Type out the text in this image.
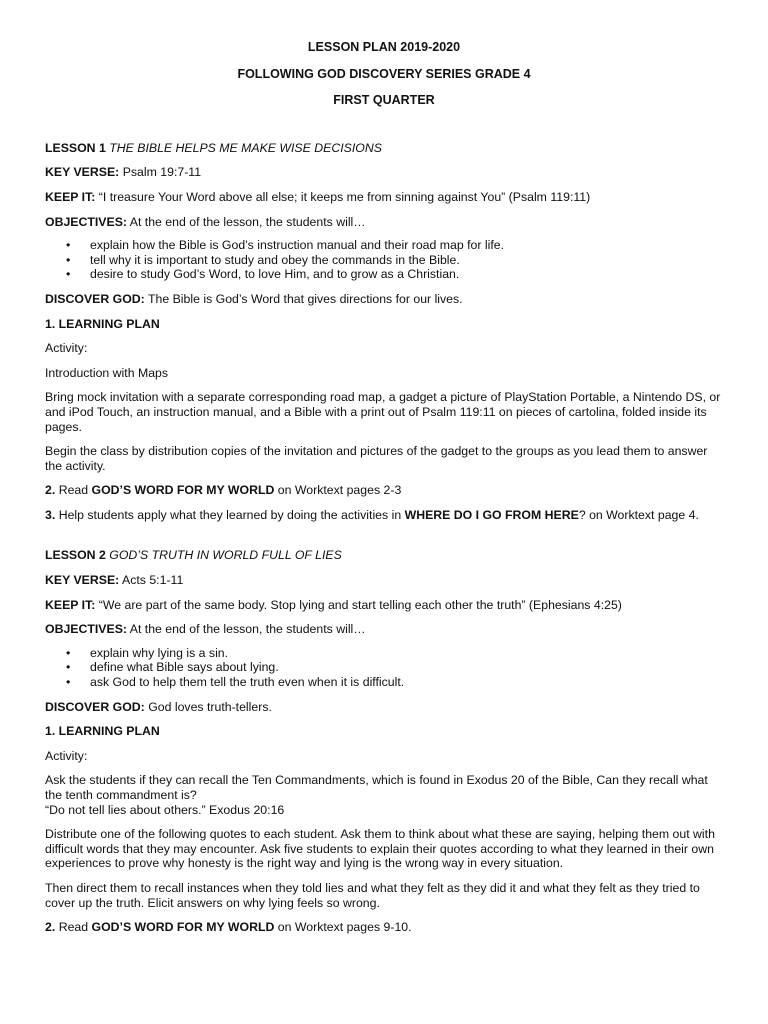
LESSON PLAN 2019-2020
FOLLOWING GOD DISCOVERY SERIES GRADE 4
FIRST QUARTER

LESSON 1 THE BIBLE HELPS ME MAKE WISE DECISIONS

KEY VERSE: Psalm 19:7-11

KEEP IT: “I treasure Your Word above all else; it keeps me from sinning against You” (Psalm 119:11)

OBJECTIVES: At the end of the lesson, the students will…

• explain how the Bible is God’s instruction manual and their road map for life.
• tell why it is important to study and obey the commands in the Bible.
• desire to study God’s Word, to love Him, and to grow as a Christian.

DISCOVER GOD: The Bible is God’s Word that gives directions for our lives.

1. LEARNING PLAN

Activity:

Introduction with Maps

Bring mock invitation with a separate corresponding road map, a gadget a picture of PlayStation Portable, a Nintendo DS, or and iPod Touch, an instruction manual, and a Bible with a print out of Psalm 119:11 on pieces of cartolina, folded inside its pages.

Begin the class by distribution copies of the invitation and pictures of the gadget to the groups as you lead them to answer the activity.

2. Read GOD’S WORD FOR MY WORLD on Worktext pages 2-3

3. Help students apply what they learned by doing the activities in WHERE DO I GO FROM HERE? on Worktext page 4.

LESSON 2 GOD’S TRUTH IN WORLD FULL OF LIES

KEY VERSE: Acts 5:1-11

KEEP IT: “We are part of the same body. Stop lying and start telling each other the truth” (Ephesians 4:25)

OBJECTIVES: At the end of the lesson, the students will…

• explain why lying is a sin.
• define what Bible says about lying.
• ask God to help them tell the truth even when it is difficult.

DISCOVER GOD: God loves truth-tellers.

1. LEARNING PLAN

Activity:

Ask the students if they can recall the Ten Commandments, which is found in Exodus 20 of the Bible, Can they recall what the tenth commandment is?
“Do not tell lies about others.” Exodus 20:16

Distribute one of the following quotes to each student. Ask them to think about what these are saying, helping them out with difficult words that they may encounter. Ask five students to explain their quotes according to what they learned in their own experiences to prove why honesty is the right way and lying is the wrong way in every situation.

Then direct them to recall instances when they told lies and what they felt as they did it and what they felt as they tried to cover up the truth. Elicit answers on why lying feels so wrong.

2. Read GOD’S WORD FOR MY WORLD on Worktext pages 9-10.
